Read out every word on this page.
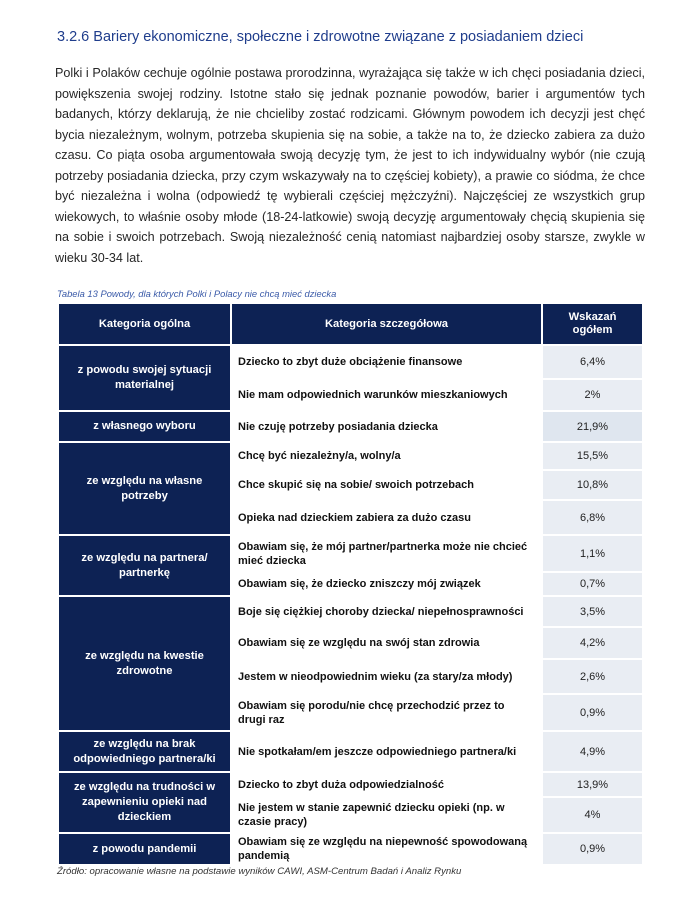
3.2.6 Bariery ekonomiczne, społeczne i zdrowotne związane z posiadaniem dzieci
Polki i Polaków cechuje ogólnie postawa prorodzinna, wyrażająca się także w ich chęci posiadania dzieci, powiększenia swojej rodziny. Istotne stało się jednak poznanie powodów, barier i argumentów tych badanych, którzy deklarują, że nie chcieliby zostać rodzicami. Głównym powodem ich decyzji jest chęć bycia niezależnym, wolnym, potrzeba skupienia się na sobie, a także na to, że dziecko zabiera za dużo czasu. Co piąta osoba argumentowała swoją decyzję tym, że jest to ich indywidualny wybór (nie czują potrzeby posiadania dziecka, przy czym wskazywały na to częściej kobiety), a prawie co siódma, że chce być niezależna i wolna (odpowiedź tę wybierali częściej mężczyźni). Najczęściej ze wszystkich grup wiekowych, to właśnie osoby młode (18-24-latkowie) swoją decyzję argumentowały chęcią skupienia się na sobie i swoich potrzebach. Swoją niezależność cenią natomiast najbardziej osoby starsze, zwykle w wieku 30-34 lat.
Tabela 13 Powody, dla których Polki i Polacy nie chcą mieć dziecka
Kategoria ogólna	Kategoria szczegółowa	Wskazań ogółem
z powodu swojej sytuacji materialnej	Dziecko to zbyt duże obciążenie finansowe	6,4%
	Nie mam odpowiednich warunków mieszkaniowych	2%
z własnego wyboru	Nie czuję potrzeby posiadania dziecka	21,9%
ze względu na własne potrzeby	Chcę być niezależny/a, wolny/a	15,5%
	Chce skupić się na sobie/ swoich potrzebach	10,8%
	Opieka nad dzieckiem zabiera za dużo czasu	6,8%
ze względu na partnera/ partnerkę	Obawiam się, że mój partner/partnerka może nie chcieć mieć dziecka	1,1%
	Obawiam się, że dziecko zniszczy mój związek	0,7%
ze względu na kwestie zdrowotne	Boje się ciężkiej choroby dziecka/ niepełnosprawności	3,5%
	Obawiam się ze względu na swój stan zdrowia	4,2%
	Jestem w nieodpowiednim wieku (za stary/za młody)	2,6%
	Obawiam się porodu/nie chcę przechodzić przez to drugi raz	0,9%
ze względu na brak odpowiedniego partnera/ki	Nie spotkałam/em jeszcze odpowiedniego partnera/ki	4,9%
ze względu na trudności w zapewnieniu opieki nad dzieckiem	Dziecko to zbyt duża odpowiedzialność	13,9%
	Nie jestem w stanie zapewnić dziecku opieki (np. w czasie pracy)	4%
z powodu pandemii	Obawiam się ze względu na niepewność spowodowaną pandemią	0,9%
Źródło: opracowanie własne na podstawie wyników CAWI, ASM-Centrum Badań i Analiz Rynku
